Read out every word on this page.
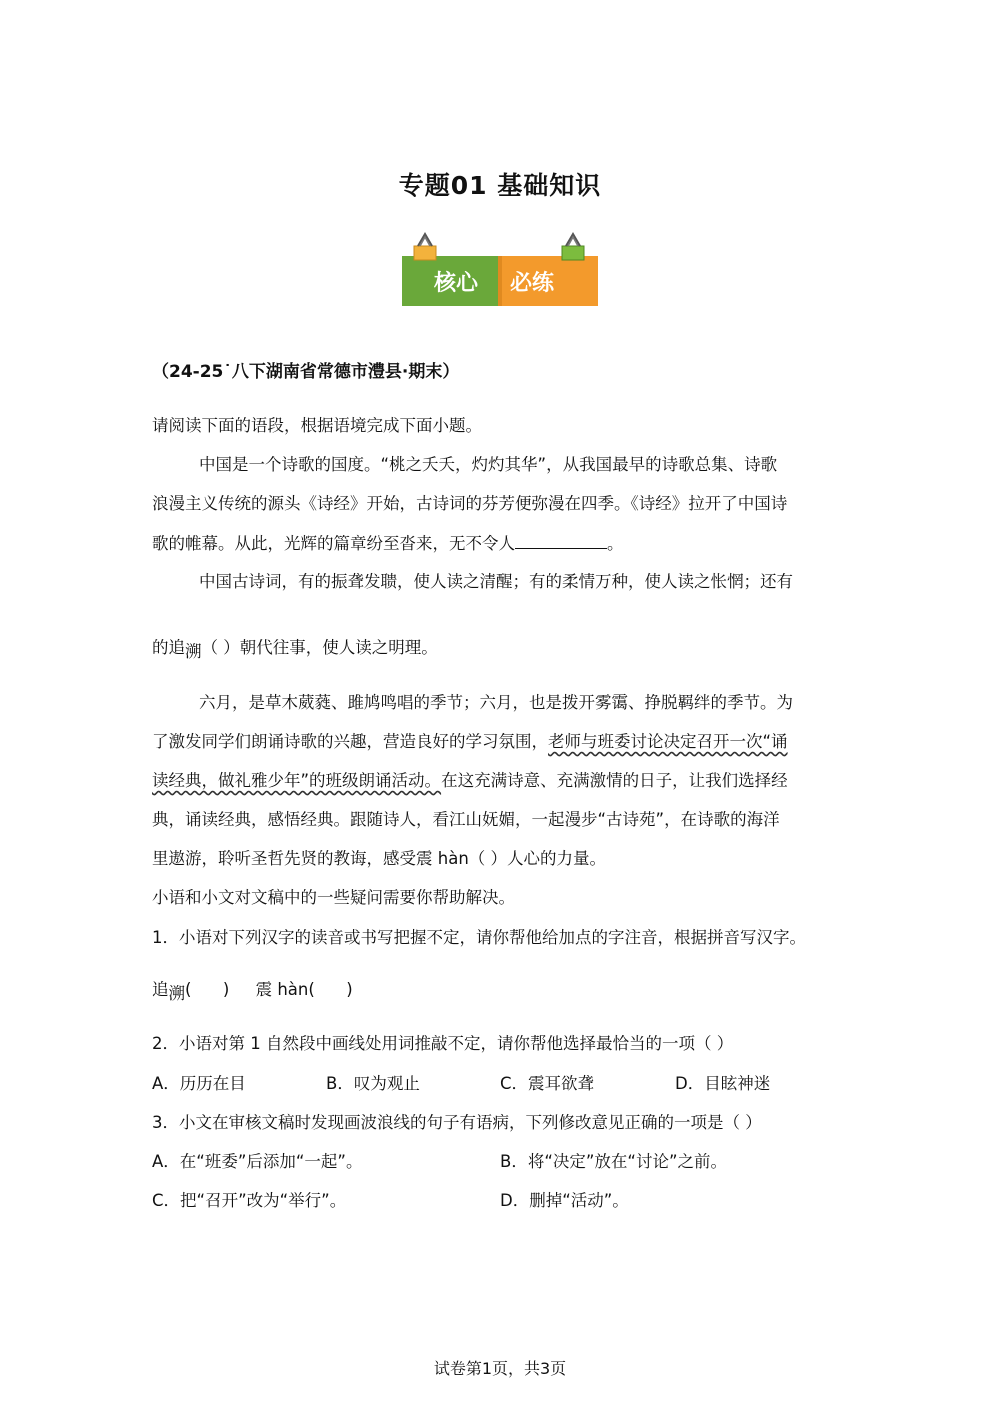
专题01 基础知识
核心 必练
（24-25˙八下湖南省常德市澧县·期末）
请阅读下面的语段，根据语境完成下面小题。
中国是一个诗歌的国度。“桃之夭夭，灼灼其华”，从我国最早的诗歌总集、诗歌
浪漫主义传统的源头《诗经》开始，古诗词的芬芳便弥漫在四季。《诗经》拉开了中国诗
歌的帷幕。从此，光辉的篇章纷至沓来，无不令人	。
中国古诗词，有的振聋发聩，使人读之清醒；有的柔情万种，使人读之怅惘；还有
的追溯（ ）朝代往事，使人读之明理。
六月，是草木葳蕤、雎鸠鸣唱的季节；六月，也是拨开雾霭、挣脱羁绊的季节。为
了激发同学们朗诵诗歌的兴趣，营造良好的学习氛围，老师与班委讨论决定召开一次“诵
读经典，做礼雅少年”的班级朗诵活动。在这充满诗意、充满激情的日子，让我们选择经
典，诵读经典，感悟经典。跟随诗人，看江山妩媚，一起漫步“古诗苑”，在诗歌的海洋
里遨游，聆听圣哲先贤的教诲，感受震 hàn（ ）人心的力量。
小语和小文对文稿中的一些疑问需要你帮助解决。
1．小语对下列汉字的读音或书写把握不定，请你帮他给加点的字注音，根据拼音写汉字。
追溯(      )     震 hàn(      )
2．小语对第 1 自然段中画线处用词推敲不定，请你帮他选择最恰当的一项（ ）
A．历历在目	B．叹为观止	C．震耳欲聋	D．目眩神迷
3．小文在审核文稿时发现画波浪线的句子有语病，下列修改意见正确的一项是（ ）
A．在“班委”后添加“一起”。	B．将“决定”放在“讨论”之前。
C．把“召开”改为“举行”。	D．删掉“活动”。
试卷第1页，共3页
